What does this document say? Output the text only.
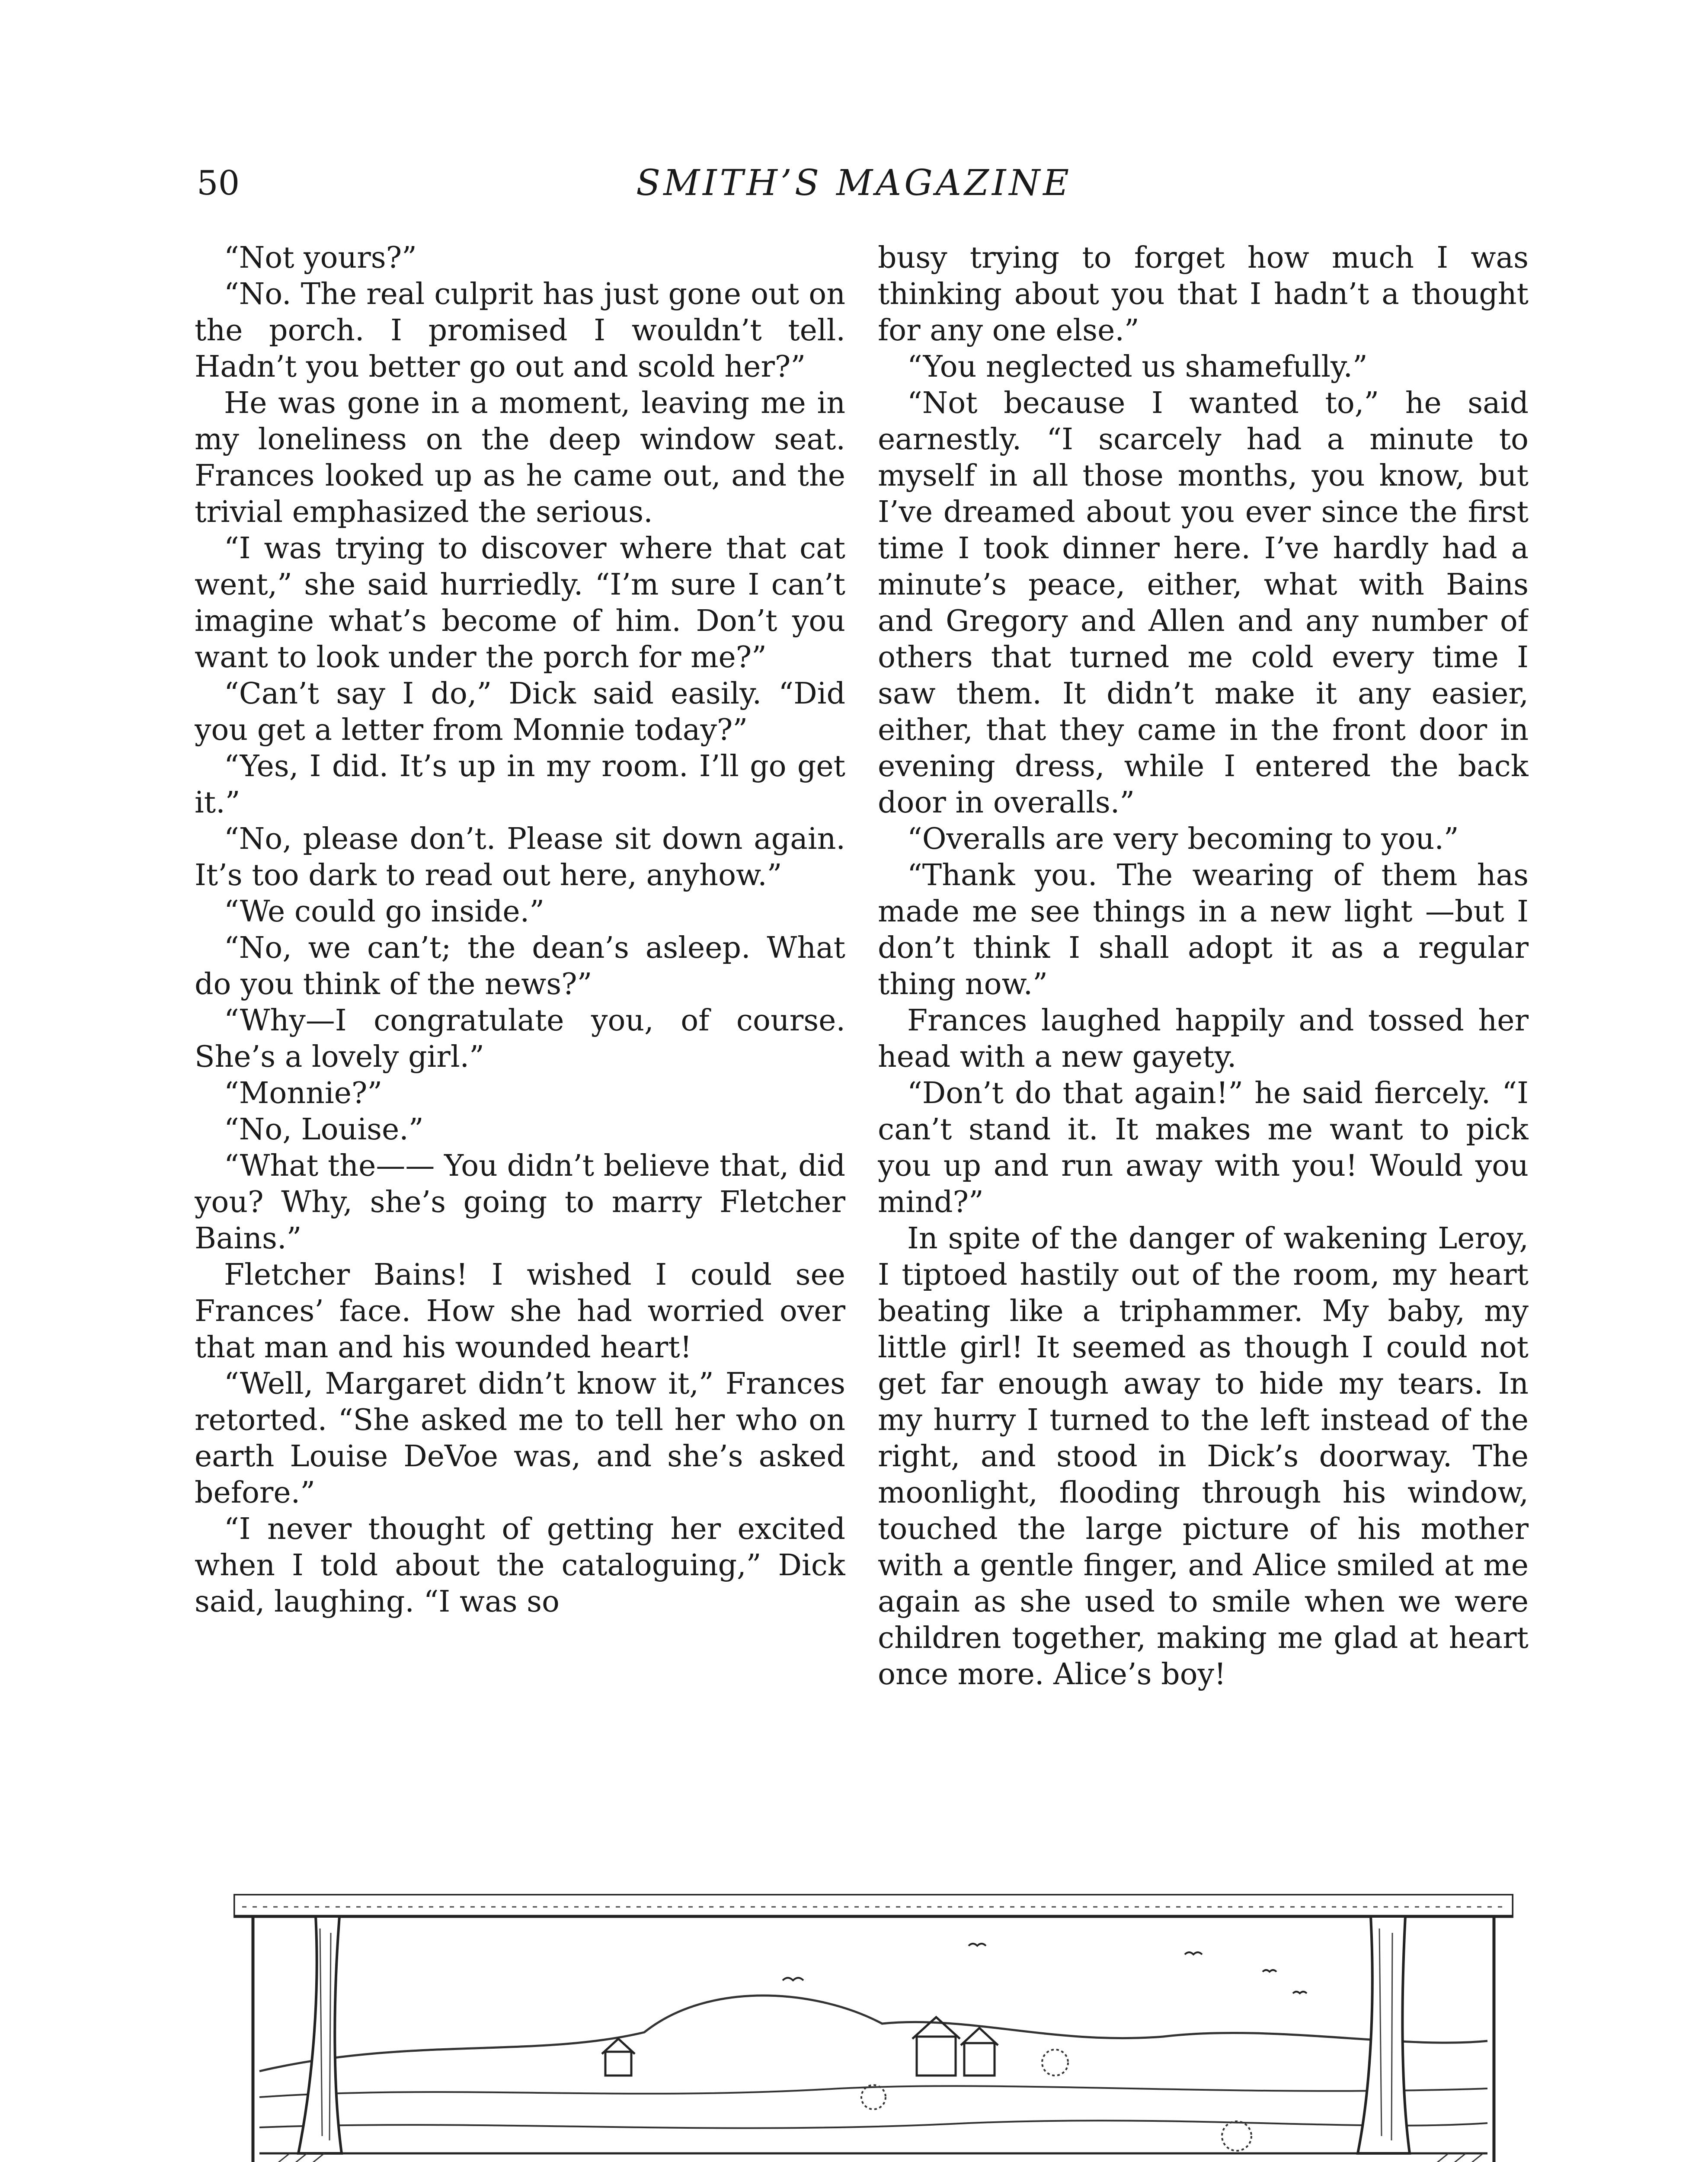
50	SMITH’S MAGAZINE

“Not yours?”

“No. The real culprit has just gone out on the porch. I promised I wouldn’t tell. Hadn’t you better go out and scold her?”

He was gone in a moment, leaving me in my loneliness on the deep window seat. Frances looked up as he came out, and the trivial emphasized the serious.

“I was trying to discover where that cat went,” she said hurriedly. “I’m sure I can’t imagine what’s become of him. Don’t you want to look under the porch for me?”

“Can’t say I do,” Dick said easily. “Did you get a letter from Monnie today?”

“Yes, I did. It’s up in my room. I’ll go get it.”

“No, please don’t. Please sit down again. It’s too dark to read out here, anyhow.”

“We could go inside.”

“No, we can’t; the dean’s asleep. What do you think of the news?”

“Why—I congratulate you, of course. She’s a lovely girl.”

“Monnie?”

“No, Louise.”

“What the—— You didn’t believe that, did you? Why, she’s going to marry Fletcher Bains.”

Fletcher Bains! I wished I could see Frances’ face. How she had worried over that man and his wounded heart!

“Well, Margaret didn’t know it,” Frances retorted. “She asked me to tell her who on earth Louise DeVoe was, and she’s asked before.”

“I never thought of getting her excited when I told about the cataloguing,” Dick said, laughing. “I was so

busy trying to forget how much I was thinking about you that I hadn’t a thought for any one else.”

“You neglected us shamefully.”

“Not because I wanted to,” he said earnestly. “I scarcely had a minute to myself in all those months, you know, but I’ve dreamed about you ever since the first time I took dinner here. I’ve hardly had a minute’s peace, either, what with Bains and Gregory and Allen and any number of others that turned me cold every time I saw them. It didn’t make it any easier, either, that they came in the front door in evening dress, while I entered the back door in overalls.”

“Overalls are very becoming to you.”

“Thank you. The wearing of them has made me see things in a new light —but I don’t think I shall adopt it as a regular thing now.”

Frances laughed happily and tossed her head with a new gayety.

“Don’t do that again!” he said fiercely. “I can’t stand it. It makes me want to pick you up and run away with you! Would you mind?”

In spite of the danger of wakening Leroy, I tiptoed hastily out of the room, my heart beating like a triphammer. My baby, my little girl! It seemed as though I could not get far enough away to hide my tears. In my hurry I turned to the left instead of the right, and stood in Dick’s doorway. The moonlight, flooding through his window, touched the large picture of his mother with a gentle finger, and Alice smiled at me again as she used to smile when we were children together, making me glad at heart once more. Alice’s boy!
